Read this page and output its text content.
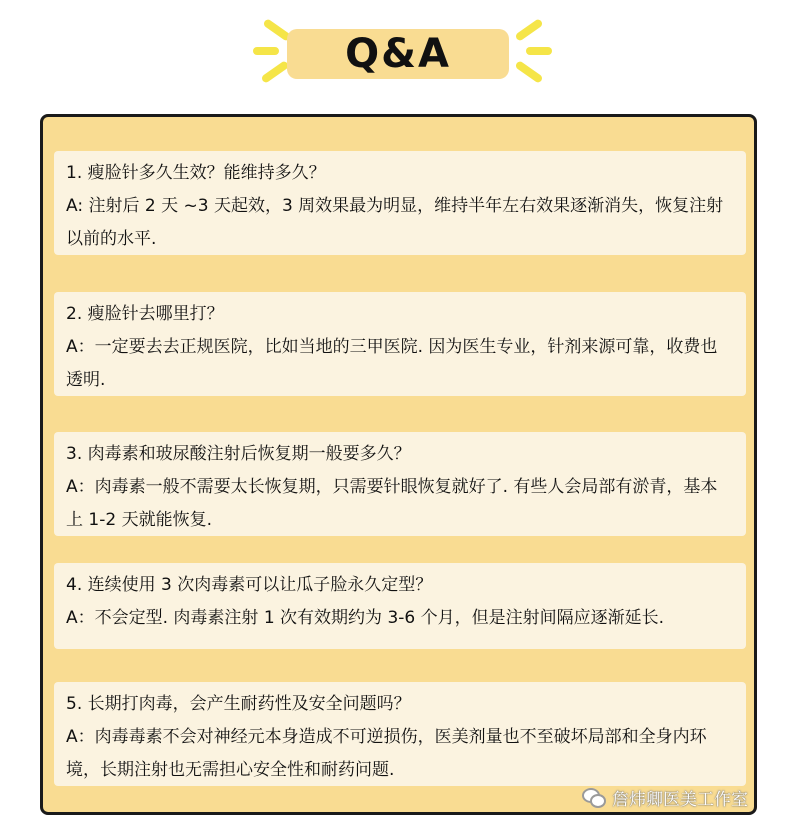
Q&A
1. 瘦脸针多久生效？能维持多久？
A: 注射后 2 天 ~3 天起效，3 周效果最为明显，维持半年左右效果逐渐消失，恢复注射以前的水平.
2. 瘦脸针去哪里打？
A：一定要去去正规医院，比如当地的三甲医院. 因为医生专业，针剂来源可靠，收费也透明.
3. 肉毒素和玻尿酸注射后恢复期一般要多久？
A：肉毒素一般不需要太长恢复期，只需要针眼恢复就好了. 有些人会局部有淤青，基本上 1-2 天就能恢复.
4. 连续使用 3 次肉毒素可以让瓜子脸永久定型？
A：不会定型. 肉毒素注射 1 次有效期约为 3-6 个月，但是注射间隔应逐渐延长.
5. 长期打肉毒，会产生耐药性及安全问题吗？
A：肉毒毒素不会对神经元本身造成不可逆损伤，医美剂量也不至破坏局部和全身内环境，长期注射也无需担心安全性和耐药问题.
詹炜卿医美工作室
